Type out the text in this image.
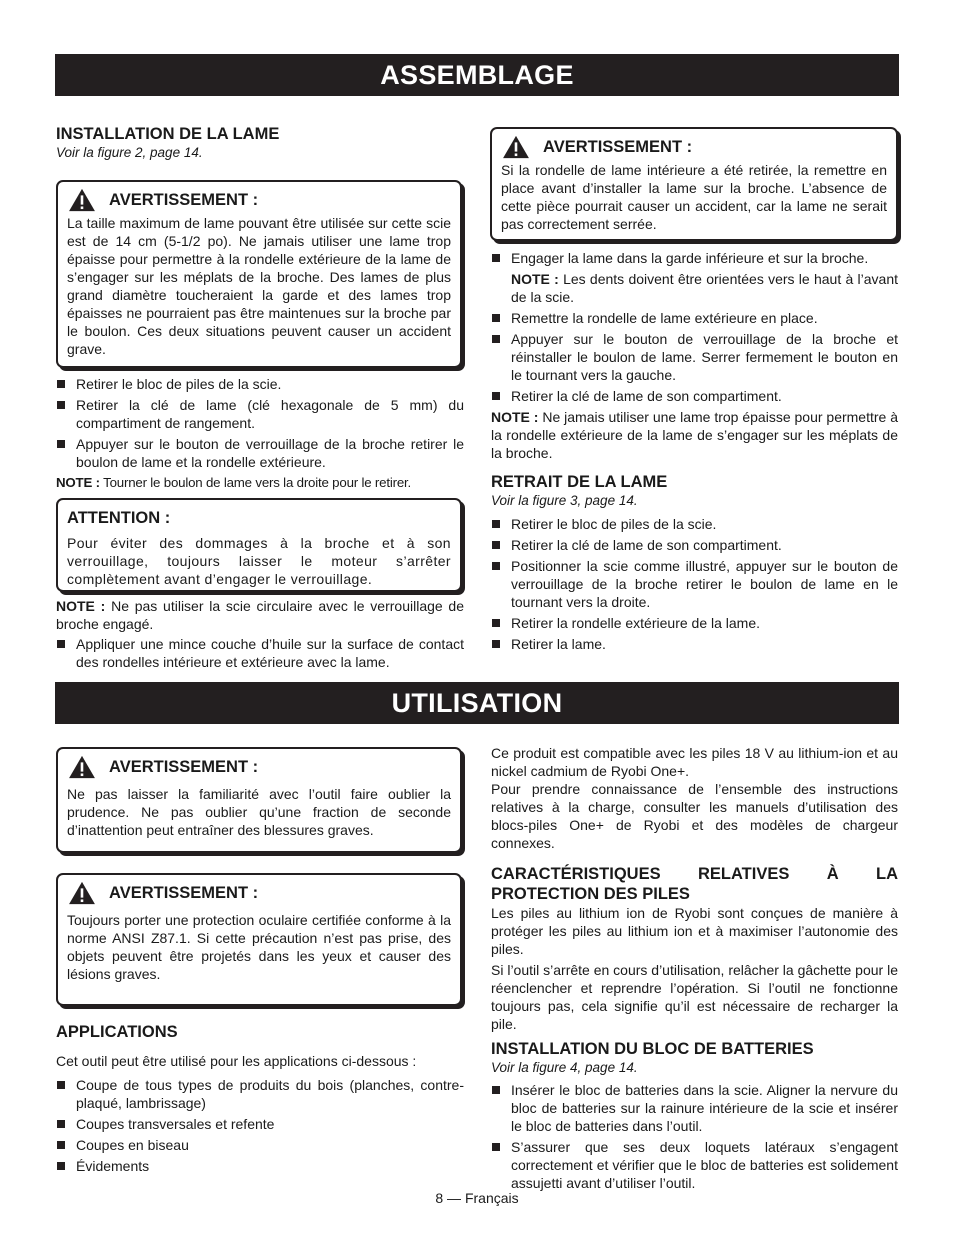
ASSEMBLAGE

INSTALLATION DE LA LAME

Voir la figure 2, page 14.

AVERTISSEMENT :

La taille maximum de lame pouvant être utilisée sur cette scie est de 14 cm (5-1/2 po). Ne jamais utiliser une lame trop épaisse pour permettre à la rondelle extérieure de la lame de s’engager sur les méplats de la broche. Des lames de plus grand diamètre toucheraient la garde et des lames trop épaisses ne pourraient pas être maintenues sur la broche par le boulon. Ces deux situations peuvent causer un accident grave.

Retirer le bloc de piles de la scie.
Retirer la clé de lame (clé hexagonale de 5 mm) du compartiment de rangement.
Appuyer sur le bouton de verrouillage de la broche retirer le boulon de lame et la rondelle extérieure.

NOTE : Tourner le boulon de lame vers la droite pour le retirer.

ATTENTION :

Pour éviter des dommages à la broche et à son verrouillage, toujours laisser le moteur s’arrêter complètement avant d’engager le verrouillage.

NOTE : Ne pas utiliser la scie circulaire avec le verrouillage de broche engagé.

Appliquer une mince couche d’huile sur la surface de contact des rondelles intérieure et extérieure avec la lame.
AVERTISSEMENT :

Si la rondelle de lame intérieure a été retirée, la remettre en place avant d’installer la lame sur la broche. L’absence de cette pièce pourrait causer un accident, car la lame ne serait pas correctement serrée.

Engager la lame dans la garde inférieure et sur la broche.
NOTE : Les dents doivent être orientées vers le haut à l’avant de la scie.
Remettre la rondelle de lame extérieure en place.
Appuyer sur le bouton de verrouillage de la broche et réinstaller le boulon de lame. Serrer fermement le bouton en le tournant vers la gauche.
Retirer la clé de lame de son compartiment.

NOTE : Ne jamais utiliser une lame trop épaisse pour permettre à la rondelle extérieure de la lame de s’engager sur les méplats de la broche.

RETRAIT DE LA LAME

Voir la figure 3, page 14.

Retirer le bloc de piles de la scie.
Retirer la clé de lame de son compartiment.
Positionner la scie comme illustré, appuyer sur le bouton de verrouillage de la broche retirer le boulon de lame en le tournant vers la droite.
Retirer la rondelle extérieure de la lame.
Retirer la lame.
UTILISATION
AVERTISSEMENT :

Ne pas laisser la familiarité avec l’outil faire oublier la prudence. Ne pas oublier qu’une fraction de seconde d’inattention peut entraîner des blessures graves.

AVERTISSEMENT :

Toujours porter une protection oculaire certifiée conforme à la norme ANSI Z87.1. Si cette précaution n’est pas prise, des objets peuvent être projetés dans les yeux et causer des lésions graves.

APPLICATIONS

Cet outil peut être utilisé pour les applications ci-dessous :

Coupe de tous types de produits du bois (planches, contre-plaqué, lambrissage)
Coupes transversales et refente
Coupes en biseau
Évidements

Ce produit est compatible avec les piles 18 V au lithium-ion et au nickel cadmium de Ryobi One+.

Pour prendre connaissance de l’ensemble des instructions relatives à la charge, consulter les manuels d’utilisation des blocs-piles One+ de Ryobi et des modèles de chargeur connexes.

CARACTÉRISTIQUES RELATIVES À LA

PROTECTION DES PILES

Les piles au lithium ion de Ryobi sont conçues de manière à protéger les piles au lithium ion et à maximiser l’autonomie des piles.

Si l’outil s’arrête en cours d’utilisation, relâcher la gâchette pour le réenclencher et reprendre l’opération. Si l’outil ne fonctionne toujours pas, cela signifie qu’il est nécessaire de recharger la pile.

INSTALLATION DU BLOC DE BATTERIES

Voir la figure 4, page 14.

Insérer le bloc de batteries dans la scie. Aligner la nervure du bloc de batteries sur la rainure intérieure de la scie et insérer le bloc de batteries dans l’outil.
S’assurer que ses deux loquets latéraux s’engagent correctement et vérifier que le bloc de batteries est solidement assujetti avant d’utiliser l’outil.
8 — Français
